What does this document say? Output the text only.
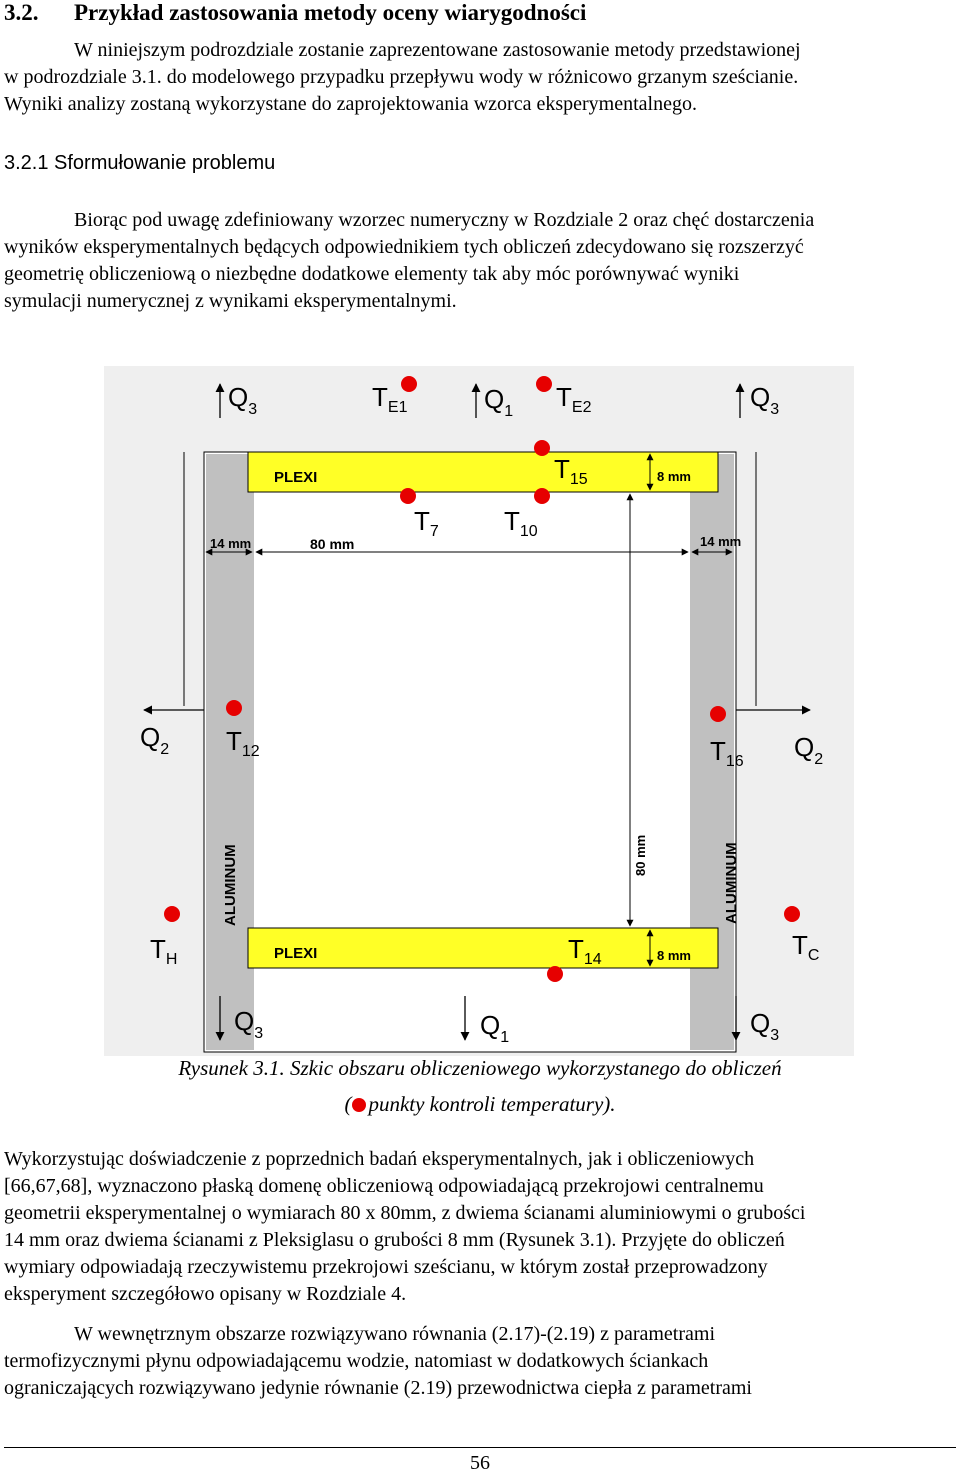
3.2. Przykład zastosowania metody oceny wiarygodności
W niniejszym podrozdziale zostanie zaprezentowane zastosowanie metody przedstawionej
w podrozdziale 3.1. do modelowego przypadku przepływu wody w różnicowo grzanym sześcianie.
Wyniki analizy zostaną wykorzystane do zaprojektowania wzorca eksperymentalnego.
3.2.1 Sformułowanie problemu
Biorąc pod uwagę zdefiniowany wzorzec numeryczny w Rozdziale 2 oraz chęć dostarczenia
wyników eksperymentalnych będących odpowiednikiem tych obliczeń zdecydowano się rozszerzyć
geometrię obliczeniową o niezbędne dodatkowe elementy tak aby móc porównywać wyniki
symulacji numerycznej z wynikami eksperymentalnymi.
PLEXI
PLEXI
ALUMINUM	ALUMINUM
14 mm	80 mm	14 mm
8 mm
8 mm
80 mm
$Q_3$	$Q_1$	$Q_3$
$Q_2$	$Q_2$
$Q_3$	$Q_1$	$Q_3$
$T_{E1}$	$T_{E2}$
$T_{15}$
$T_7$	$T_{10}$
$T_{12}$	$T_{16}$
$T_H$	$T_C$
$T_{14}$
Rysunek 3.1. Szkic obszaru obliczeniowego wykorzystanego do obliczeń
( punkty kontroli temperatury).
Wykorzystując doświadczenie z poprzednich badań eksperymentalnych, jak i obliczeniowych
[66,67,68], wyznaczono płaską domenę obliczeniową odpowiadającą przekrojowi centralnemu
geometrii eksperymentalnej o wymiarach 80 x 80mm, z dwiema ścianami aluminiowymi o grubości
14 mm oraz dwiema ścianami z Pleksiglasu o grubości 8 mm (Rysunek 3.1). Przyjęte do obliczeń
wymiary odpowiadają rzeczywistemu przekrojowi sześcianu, w którym został przeprowadzony
eksperyment szczegółowo opisany w Rozdziale 4.
W wewnętrznym obszarze rozwiązywano równania (2.17)-(2.19) z parametrami
termofizycznymi płynu odpowiadającemu wodzie, natomiast w dodatkowych ściankach
ograniczających rozwiązywano jedynie równanie (2.19) przewodnictwa ciepła z parametrami
56
